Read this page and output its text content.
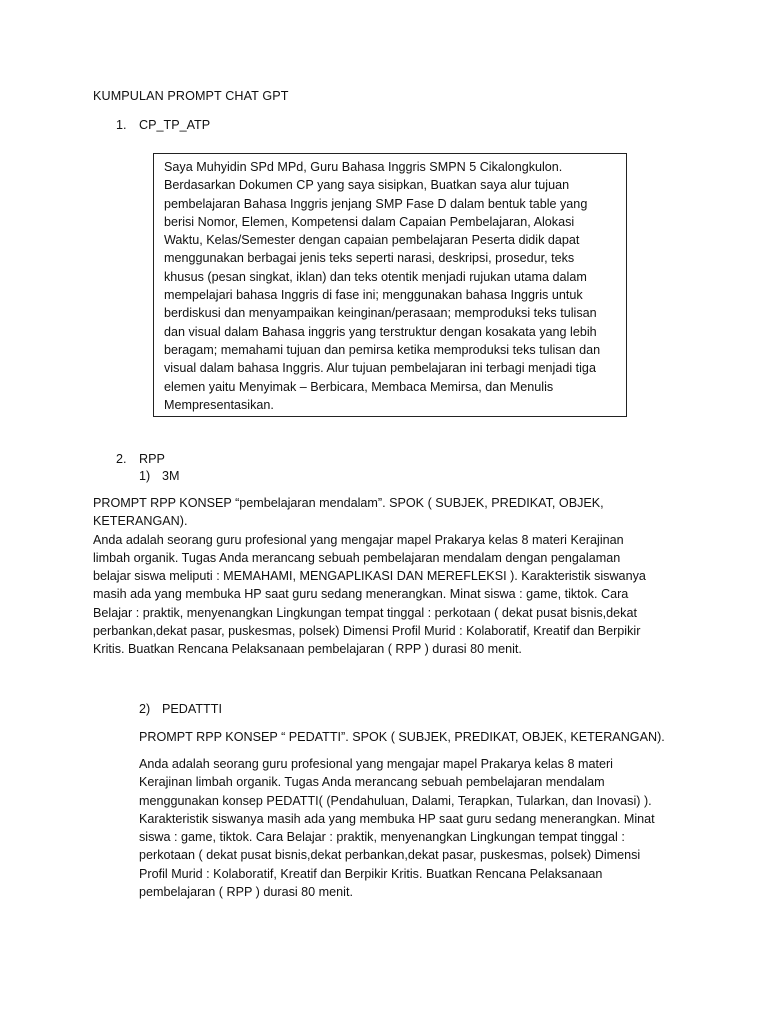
KUMPULAN PROMPT CHAT GPT
1. CP_TP_ATP

Saya Muhyidin SPd MPd, Guru Bahasa Inggris SMPN 5 Cikalongkulon.
Berdasarkan Dokumen CP yang saya sisipkan, Buatkan saya alur tujuan
pembelajaran Bahasa Inggris jenjang SMP Fase D dalam bentuk table yang
berisi Nomor, Elemen, Kompetensi dalam Capaian Pembelajaran, Alokasi
Waktu, Kelas/Semester dengan capaian pembelajaran Peserta didik dapat
menggunakan berbagai jenis teks seperti narasi, deskripsi, prosedur, teks
khusus (pesan singkat, iklan) dan teks otentik menjadi rujukan utama dalam
mempelajari bahasa Inggris di fase ini; menggunakan bahasa Inggris untuk
berdiskusi dan menyampaikan keinginan/perasaan; memproduksi teks tulisan
dan visual dalam Bahasa inggris yang terstruktur dengan kosakata yang lebih
beragam; memahami tujuan dan pemirsa ketika memproduksi teks tulisan dan
visual dalam bahasa Inggris. Alur tujuan pembelajaran ini terbagi menjadi tiga
elemen yaitu Menyimak – Berbicara, Membaca Memirsa, dan Menulis
Mempresentasikan.

2. RPP
1) 3M

PROMPT RPP KONSEP “pembelajaran mendalam”. SPOK ( SUBJEK, PREDIKAT, OBJEK, KETERANGAN).
Anda adalah seorang guru profesional yang mengajar mapel Prakarya kelas 8 materi Kerajinan
limbah organik. Tugas Anda merancang sebuah pembelajaran mendalam dengan pengalaman
belajar siswa meliputi : MEMAHAMI, MENGAPLIKASI DAN MEREFLEKSI ). Karakteristik siswanya
masih ada yang membuka HP saat guru sedang menerangkan. Minat siswa : game, tiktok. Cara
Belajar : praktik, menyenangkan Lingkungan tempat tinggal : perkotaan ( dekat pusat bisnis,dekat
perbankan,dekat pasar, puskesmas, polsek) Dimensi Profil Murid : Kolaboratif, Kreatif dan Berpikir
Kritis. Buatkan Rencana Pelaksanaan pembelajaran ( RPP ) durasi 80 menit.

2) PEDATTTI

PROMPT RPP KONSEP “ PEDATTI”. SPOK ( SUBJEK, PREDIKAT, OBJEK, KETERANGAN).

Anda adalah seorang guru profesional yang mengajar mapel Prakarya kelas 8 materi
Kerajinan limbah organik. Tugas Anda merancang sebuah pembelajaran mendalam
menggunakan konsep PEDATTI( (Pendahuluan, Dalami, Terapkan, Tularkan, dan Inovasi) ).
Karakteristik siswanya masih ada yang membuka HP saat guru sedang menerangkan. Minat
siswa : game, tiktok. Cara Belajar : praktik, menyenangkan Lingkungan tempat tinggal :
perkotaan ( dekat pusat bisnis,dekat perbankan,dekat pasar, puskesmas, polsek) Dimensi
Profil Murid : Kolaboratif, Kreatif dan Berpikir Kritis. Buatkan Rencana Pelaksanaan
pembelajaran ( RPP ) durasi 80 menit.
